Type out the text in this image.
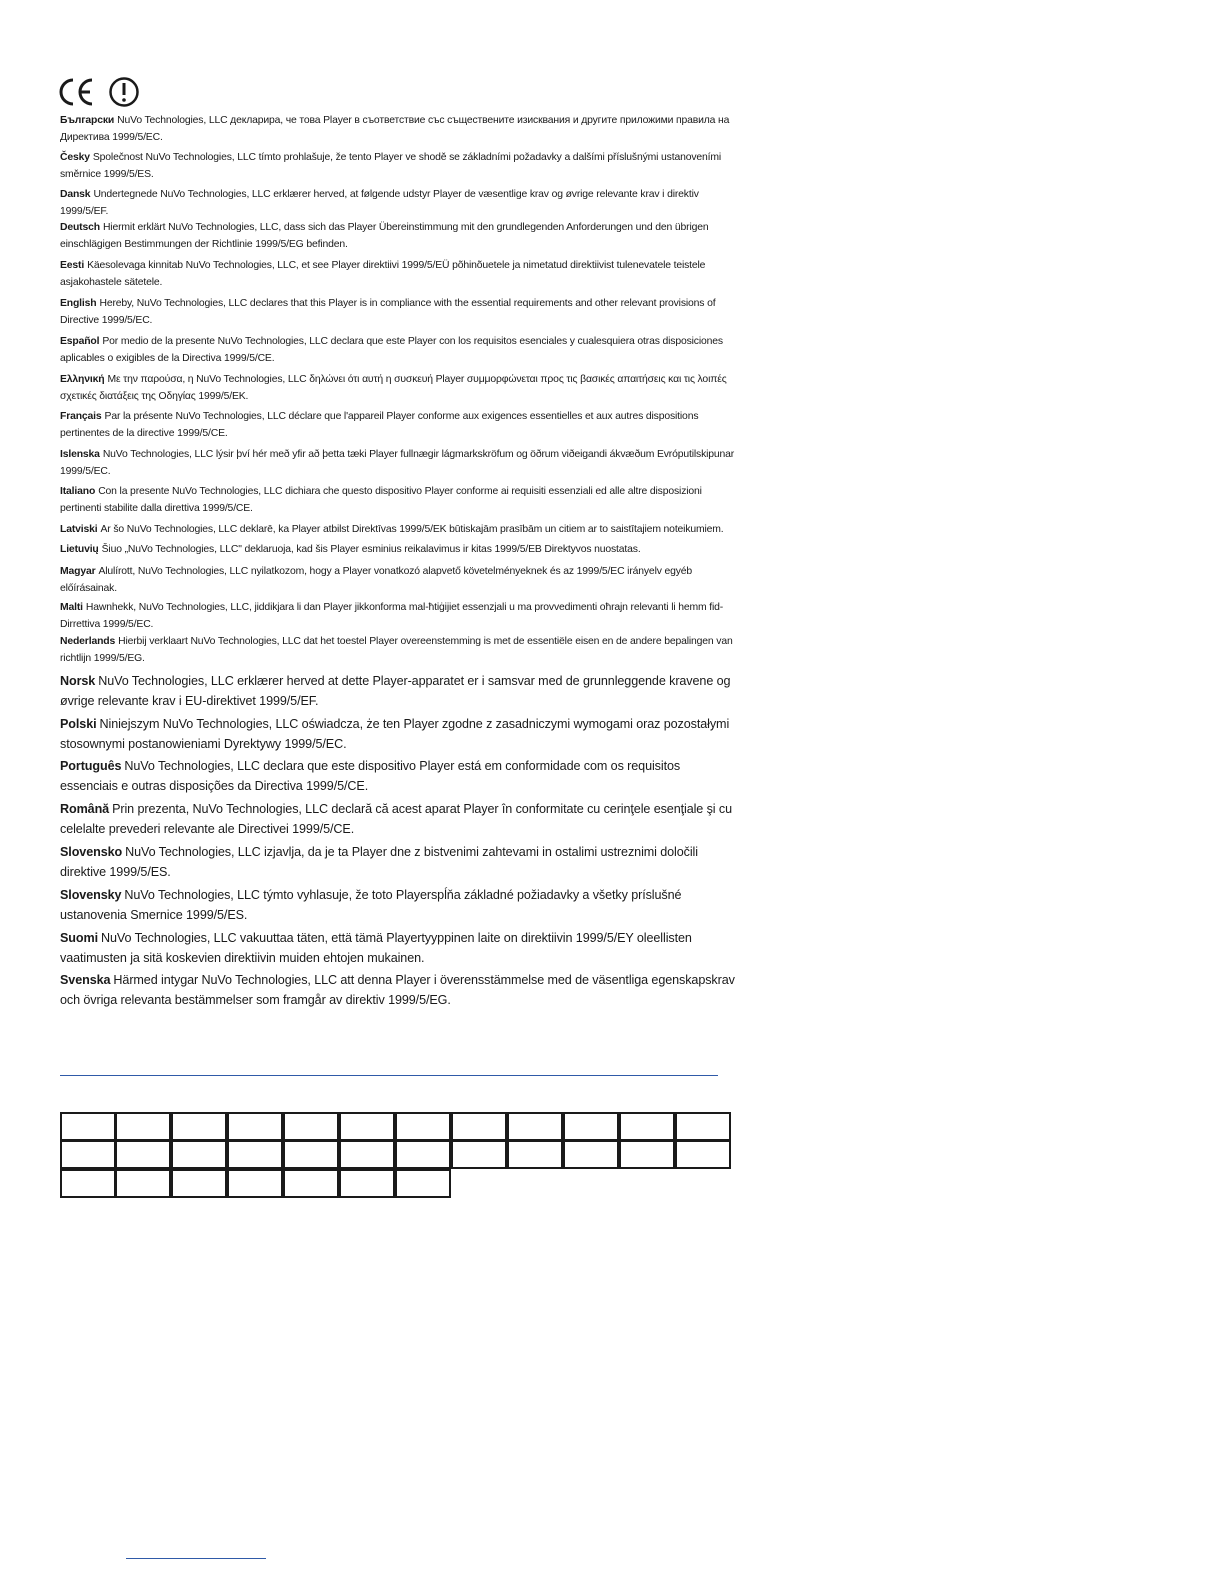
Български NuVo Technologies, LLC декларира, че това Player в съответствие със съществените изисквания и другите приложими правила на Директива 1999/5/ЕС.

Česky Společnost NuVo Technologies, LLC tímto prohlašuje, že tento Player ve shodě se základními požadavky a dalšími příslušnými ustanoveními směrnice 1999/5/ES.

Dansk Undertegnede NuVo Technologies, LLC erklærer herved, at følgende udstyr Player de væsentlige krav og øvrige relevante krav i direktiv 1999/5/EF.

Deutsch Hiermit erklärt NuVo Technologies, LLC, dass sich das Player Übereinstimmung mit den grundlegenden Anforderungen und den übrigen einschlägigen Bestimmungen der Richtlinie 1999/5/EG befinden.

Eesti Käesolevaga kinnitab NuVo Technologies, LLC, et see Player direktiivi 1999/5/EÜ põhinõuetele ja nimetatud direktiivist tulenevatele teistele asjakohastele sätetele.

English Hereby, NuVo Technologies, LLC declares that this Player is in compliance with the essential requirements and other relevant provisions of Directive 1999/5/EC.

Español Por medio de la presente NuVo Technologies, LLC declara que este Player con los requisitos esenciales y cualesquiera otras disposiciones aplicables o exigibles de la Directiva 1999/5/CE.

Ελληνική Με την παρούσα, η NuVo Technologies, LLC δηλώνει ότι αυτή η συσκευή Player συμμορφώνεται προς τις βασικές απαιτήσεις και τις λοιπές σχετικές διατάξεις της Οδηγίας 1999/5/ΕΚ.

Français Par la présente NuVo Technologies, LLC déclare que l'appareil Player conforme aux exigences essentielles et aux autres dispositions pertinentes de la directive 1999/5/CE.

Islenska NuVo Technologies, LLC lýsir því hér með yfir að þetta tæki Player fullnægir lágmarkskröfum og öðrum viðeigandi ákvæðum Evróputilskipunar 1999/5/EC.

Italiano Con la presente NuVo Technologies, LLC dichiara che questo dispositivo Player conforme ai requisiti essenziali ed alle altre disposizioni pertinenti stabilite dalla direttiva 1999/5/CE.

Latviski Ar šo NuVo Technologies, LLC deklarē, ka Player atbilst Direktīvas 1999/5/EK būtiskajām prasībām un citiem ar to saistītajiem noteikumiem.

Lietuvių Šiuo „NuVo Technologies, LLC" deklaruoja, kad šis Player esminius reikalavimus ir kitas 1999/5/EB Direktyvos nuostatas.

Magyar Alulírott, NuVo Technologies, LLC nyilatkozom, hogy a Player vonatkozó alapvető követelményeknek és az 1999/5/EC irányelv egyéb előírásainak.

Malti Hawnhekk, NuVo Technologies, LLC, jiddikjara li dan Player jikkonforma mal-ħtiġijiet essenzjali u ma provvedimenti oħrajn relevanti li hemm fid-Dirrettiva 1999/5/EC.

Nederlands Hierbij verklaart NuVo Technologies, LLC dat het toestel Player overeenstemming is met de essentiële eisen en de andere bepalingen van richtlijn 1999/5/EG.

Norsk NuVo Technologies, LLC erklærer herved at dette Player-apparatet er i samsvar med de grunnleggende kravene og øvrige relevante krav i EU-direktivet 1999/5/EF.

Polski Niniejszym NuVo Technologies, LLC oświadcza, że ten Player zgodne z zasadniczymi wymogami oraz pozostałymi stosownymi postanowieniami Dyrektywy 1999/5/EC.

Português NuVo Technologies, LLC declara que este dispositivo Player está em conformidade com os requisitos essenciais e outras disposições da Directiva 1999/5/CE.

Română Prin prezenta, NuVo Technologies, LLC declară că acest aparat Player în conformitate cu cerinţele esenţiale şi cu celelalte prevederi relevante ale Directivei 1999/5/CE.

Slovensko NuVo Technologies, LLC izjavlja, da je ta Player dne z bistvenimi zahtevami in ostalimi ustreznimi določili direktive 1999/5/ES.

Slovensky NuVo Technologies, LLC týmto vyhlasuje, že toto Playerspĺňa základné požiadavky a všetky príslušné ustanovenia Smernice 1999/5/ES.

Suomi NuVo Technologies, LLC vakuuttaa täten, että tämä Playertyyppinen laite on direktiivin 1999/5/EY oleellisten vaatimusten ja sitä koskevien direktiivin muiden ehtojen mukainen.

Svenska Härmed intygar NuVo Technologies, LLC att denna Player i överensstämmelse med de väsentliga egenskapskrav och övriga relevanta bestämmelser som framgår av direktiv 1999/5/EG.
